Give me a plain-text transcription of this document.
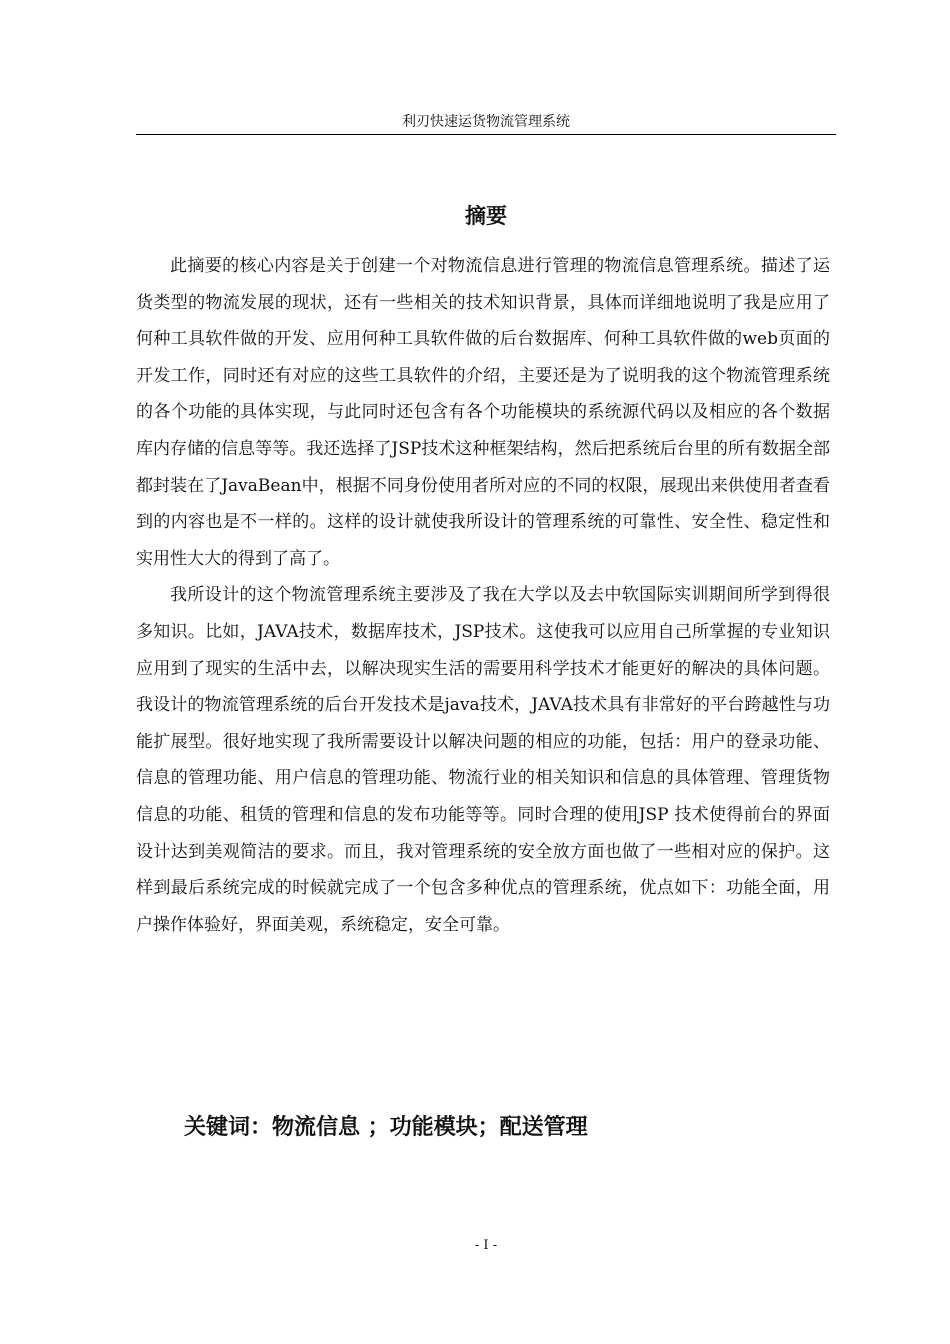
利刃快速运货物流管理系统
摘要

此摘要的核心内容是关于创建一个对物流信息进行管理的物流信息管理系统。描述了运货类型的物流发展的现状，还有一些相关的技术知识背景，具体而详细地说明了我是应用了何种工具软件做的开发、应用何种工具软件做的后台数据库、何种工具软件做的web页面的开发工作，同时还有对应的这些工具软件的介绍，主要还是为了说明我的这个物流管理系统的各个功能的具体实现，与此同时还包含有各个功能模块的系统源代码以及相应的各个数据库内存储的信息等等。我还选择了JSP技术这种框架结构，然后把系统后台里的所有数据全部都封装在了JavaBean中，根据不同身份使用者所对应的不同的权限，展现出来供使用者查看到的内容也是不一样的。这样的设计就使我所设计的管理系统的可靠性、安全性、稳定性和实用性大大的得到了高了。

我所设计的这个物流管理系统主要涉及了我在大学以及去中软国际实训期间所学到得很多知识。比如，JAVA技术，数据库技术，JSP技术。这使我可以应用自己所掌握的专业知识应用到了现实的生活中去，以解决现实生活的需要用科学技术才能更好的解决的具体问题。我设计的物流管理系统的后台开发技术是java技术，JAVA技术具有非常好的平台跨越性与功能扩展型。很好地实现了我所需要设计以解决问题的相应的功能，包括：用户的登录功能、信息的管理功能、用户信息的管理功能、物流行业的相关知识和信息的具体管理、管理货物信息的功能、租赁的管理和信息的发布功能等等。同时合理的使用JSP 技术使得前台的界面设计达到美观简洁的要求。而且，我对管理系统的安全放方面也做了一些相对应的保护。这样到最后系统完成的时候就完成了一个包含多种优点的管理系统，优点如下：功能全面，用户操作体验好，界面美观，系统稳定，安全可靠。

关键词：物流信息 ；功能模块；配送管理
- I -
